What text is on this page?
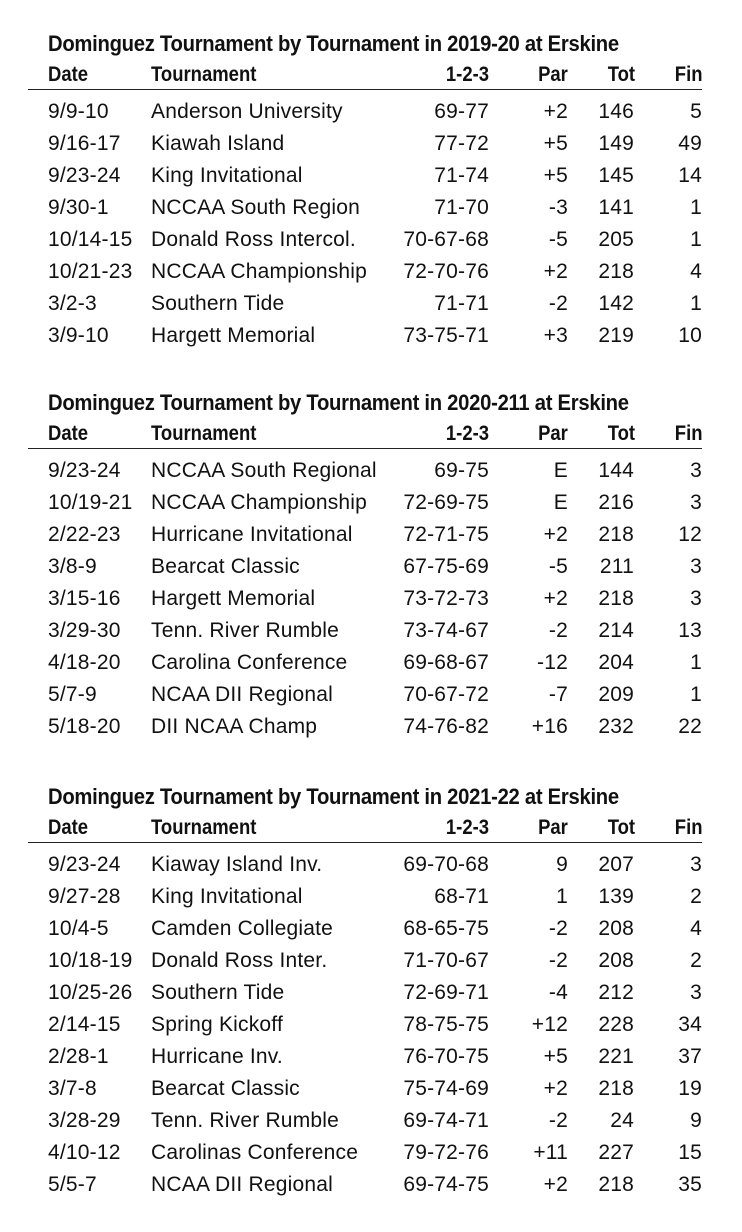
Dominguez Tournament by Tournament in 2019-20 at Erskine
Date	Tournament	1-2-3 Par Tot Fin
9/9-10 Anderson University	69-77	+2 146	5
9/16-17 Kiawah Island	77-72	+5 149 49
9/23-24 King Invitational	71-74	+5 145 14
9/30-1 NCCAA South Region	71-70	-3 141	1
10/14-15 Donald Ross Intercol. 70-67-68	-5 205	1
10/21-23 NCCAA Championship 72-70-76	+2 218	4
3/2-3	Southern Tide	71-71	-2 142	1
3/9-10 Hargett Memorial	73-75-71	+3 219 10
Dominguez Tournament by Tournament in 2020-211 at Erskine
Date	Tournament	1-2-3 Par Tot Fin
9/23-24 NCCAA South Regional	69-75	E 144	3
10/19-21 NCCAA Championship 72-69-75	E 216	3
2/22-23 Hurricane Invitational 72-71-75	+2 218 12
3/8-9	Bearcat Classic	67-75-69	-5 211	3
3/15-16 Hargett Memorial	73-72-73	+2 218	3
3/29-30 Tenn. River Rumble	73-74-67	-2 214 13
4/18-20 Carolina Conference	69-68-67 -12 204	1
5/7-9	NCAA DII Regional	70-67-72	-7 209	1
5/18-20 DII NCAA Champ	74-76-82 +16 232 22
Dominguez Tournament by Tournament in 2021-22 at Erskine
Date	Tournament	1-2-3 Par Tot Fin
9/23-24 Kiaway Island Inv.	69-70-68	9 207	3
9/27-28 King Invitational	68-71	1 139	2
10/4-5 Camden Collegiate	68-65-75	-2 208	4
10/18-19 Donald Ross Inter.	71-70-67	-2 208	2
10/25-26 Southern Tide	72-69-71	-4 212	3
2/14-15 Spring Kickoff	78-75-75 +12 228 34
2/28-1 Hurricane Inv.	76-70-75	+5 221 37
3/7-8	Bearcat Classic	75-74-69	+2 218 19
3/28-29 Tenn. River Rumble	69-74-71	-2 24	9
4/10-12 Carolinas Conference 79-72-76 +11 227 15
5/5-7	NCAA DII Regional	69-74-75	+2 218 35
